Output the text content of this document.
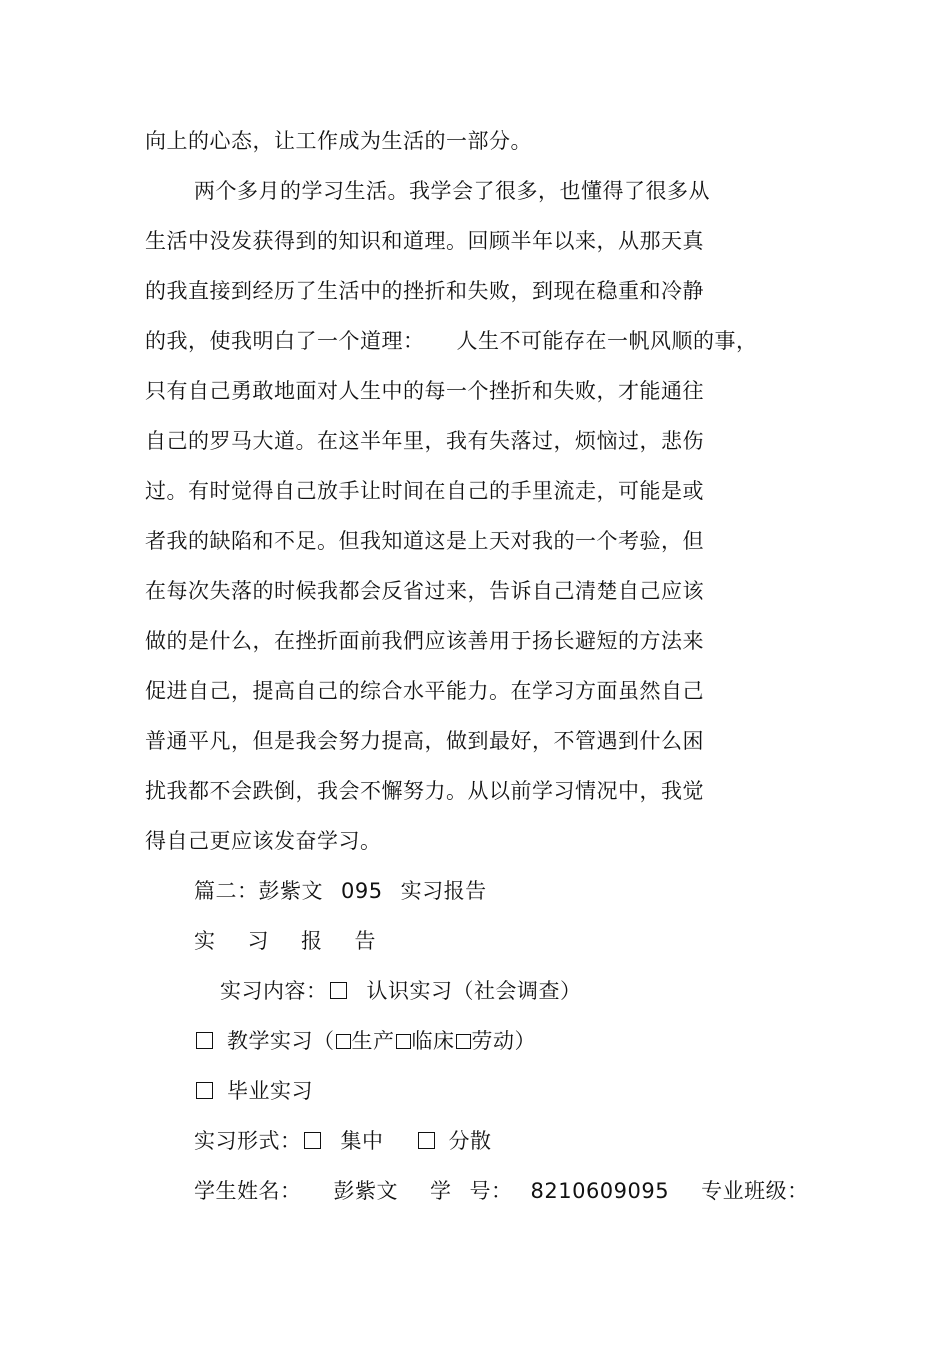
向上的心态，让工作成为生活的一部分。
两个多月的学习生活。我学会了很多，也懂得了很多从
生活中没发获得到的知识和道理。回顾半年以来，从那天真
的我直接到经历了生活中的挫折和失败，到现在稳重和冷静
的我，使我明白了一个道理： 人生不可能存在一帆风顺的事，
只有自己勇敢地面对人生中的每一个挫折和失败，才能通往
自己的罗马大道。在这半年里，我有失落过，烦恼过，悲伤
过。有时觉得自己放手让时间在自己的手里流走，可能是或
者我的缺陷和不足。但我知道这是上天对我的一个考验，但
在每次失落的时候我都会反省过来，告诉自己清楚自己应该
做的是什么，在挫折面前我們应该善用于扬长避短的方法来
促进自己，提高自己的综合水平能力。在学习方面虽然自己
普通平凡，但是我会努力提高，做到最好，不管遇到什么困
扰我都不会跌倒，我会不懈努力。从以前学习情况中，我觉
得自己更应该发奋学习。
篇二：彭紫文 095 实习报告
实 习 报 告
实习内容： 认识实习（社会调查）
教学实习（ 生产 临床 劳动）
毕业实习
实习形式： 集中	分散
学生姓名： 彭紫文 学 号： 8210609095 专业班级：
